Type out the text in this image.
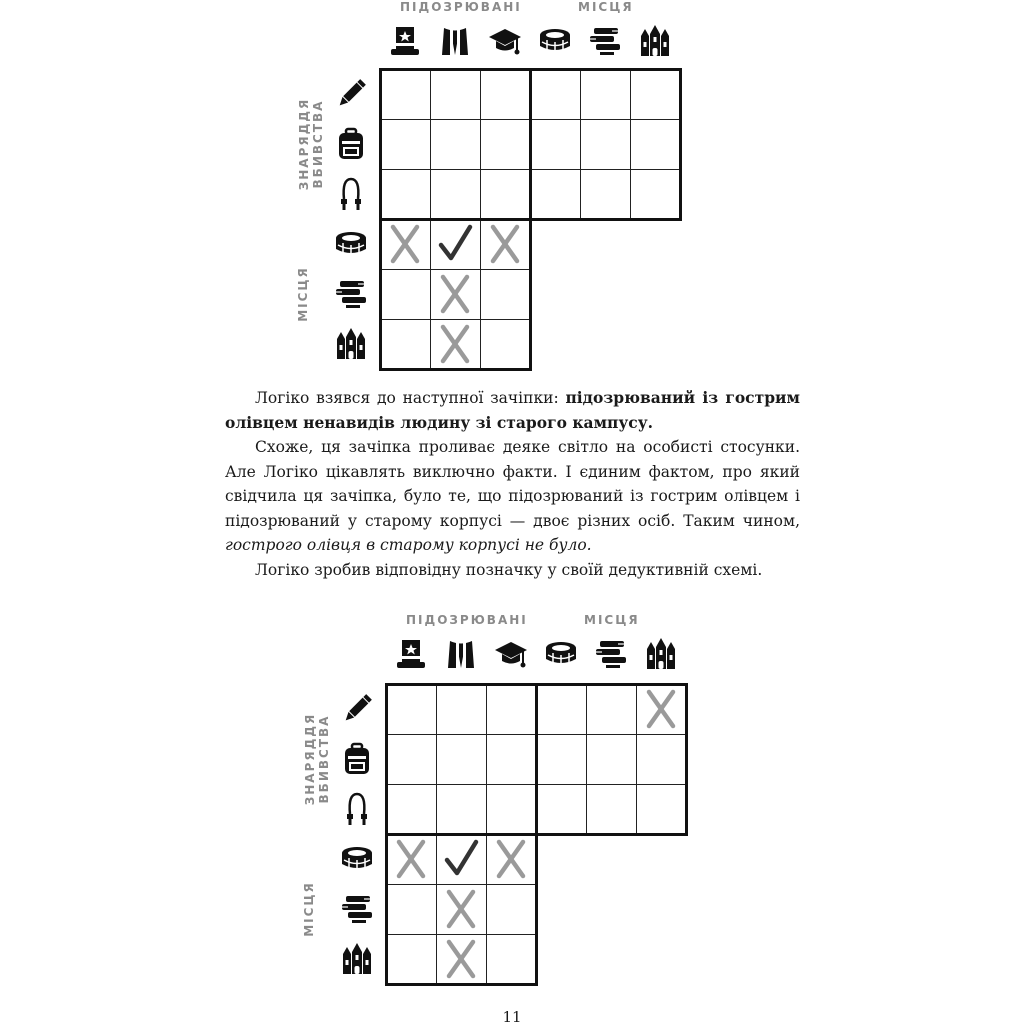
ПІДОЗРЮВАНІ	МІСЦЯ
ЗНАРЯДДЯ
ВБИВСТВА
МІСЦЯ
ПІДОЗРЮВАНІ	МІСЦЯ
ЗНАРЯДДЯ
ВБИВСТВА
МІСЦЯ

Логіко взявся до наступної зачіпки: підозрюваний із гострим олівцем ненавидів людину зі старого кампусу.

Схоже, ця зачіпка проливає деяке світло на особисті стосунки. Але Логіко цікавлять виключно факти. І єдиним фактом, про який свідчила ця зачіпка, було те, що підозрюваний із гострим олівцем і підозрюваний у старому корпусі — двоє різних осіб. Таким чином, гострого олівця в старому корпусі не було.

Логіко зробив відповідну позначку у своїй дедуктивній схемі.

11
